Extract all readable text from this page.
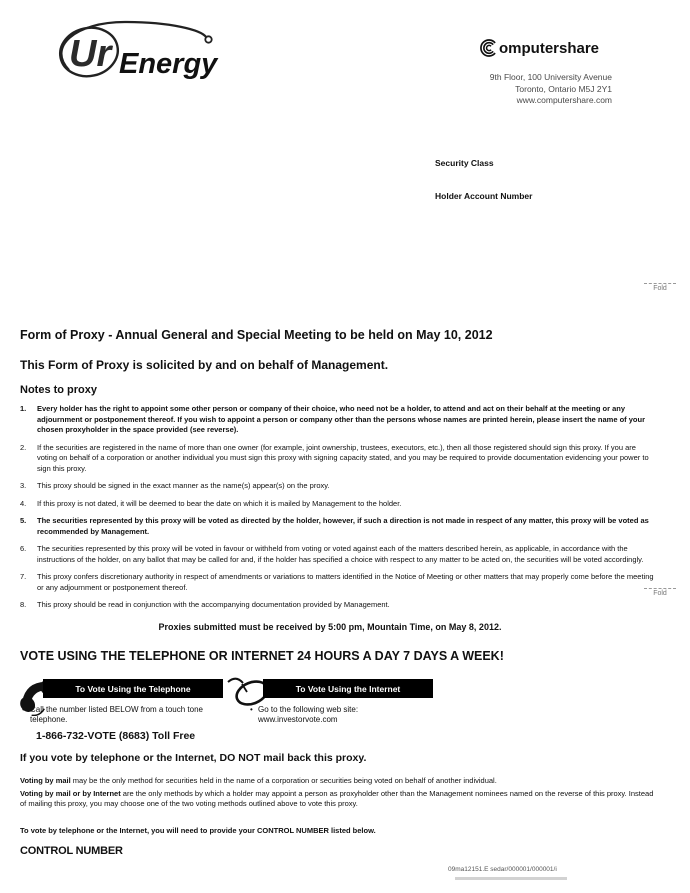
Ur Energy	omputershare
9th Floor, 100 University Avenue
Toronto, Ontario M5J 2Y1
www.computershare.com
Security Class
Holder Account Number
Fold
Fold
Form of Proxy - Annual General and Special Meeting to be held on May 10, 2012
This Form of Proxy is solicited by and on behalf of Management.
Notes to proxy
1.	Every holder has the right to appoint some other person or company of their choice, who need not be a holder, to attend and act on their behalf at the meeting or any adjournment or postponement thereof. If you wish to appoint a person or company other than the persons whose names are printed herein, please insert the name of your chosen proxyholder in the space provided (see reverse).
2.	If the securities are registered in the name of more than one owner (for example, joint ownership, trustees, executors, etc.), then all those registered should sign this proxy. If you are voting on behalf of a corporation or another individual you must sign this proxy with signing capacity stated, and you may be required to provide documentation evidencing your power to sign this proxy.
3.	This proxy should be signed in the exact manner as the name(s) appear(s) on the proxy.
4.	If this proxy is not dated, it will be deemed to bear the date on which it is mailed by Management to the holder.
5.	The securities represented by this proxy will be voted as directed by the holder, however, if such a direction is not made in respect of any matter, this proxy will be voted as recommended by Management.
6.	The securities represented by this proxy will be voted in favour or withheld from voting or voted against each of the matters described herein, as applicable, in accordance with the instructions of the holder, on any ballot that may be called for and, if the holder has specified a choice with respect to any matter to be acted on, the securities will be voted accordingly.
7.	This proxy confers discretionary authority in respect of amendments or variations to matters identified in the Notice of Meeting or other matters that may properly come before the meeting or any adjournment or postponement thereof.
8.	This proxy should be read in conjunction with the accompanying documentation provided by Management.
Proxies submitted must be received by 5:00 pm, Mountain Time, on May 8, 2012.
VOTE USING THE TELEPHONE OR INTERNET 24 HOURS A DAY 7 DAYS A WEEK!
To Vote Using the Telephone	To Vote Using the Internet
• Call the number listed BELOW from a touch tone telephone.
• Go to the following web site:
www.investorvote.com
1-866-732-VOTE (8683) Toll Free
If you vote by telephone or the Internet, DO NOT mail back this proxy.
Voting by mail may be the only method for securities held in the name of a corporation or securities being voted on behalf of another individual.
Voting by mail or by Internet are the only methods by which a holder may appoint a person as proxyholder other than the Management nominees named on the reverse of this proxy. Instead of mailing this proxy, you may choose one of the two voting methods outlined above to vote this proxy.
To vote by telephone or the Internet, you will need to provide your CONTROL NUMBER listed below.
CONTROL NUMBER
09ma12151.E sedar/000001/000001/i
